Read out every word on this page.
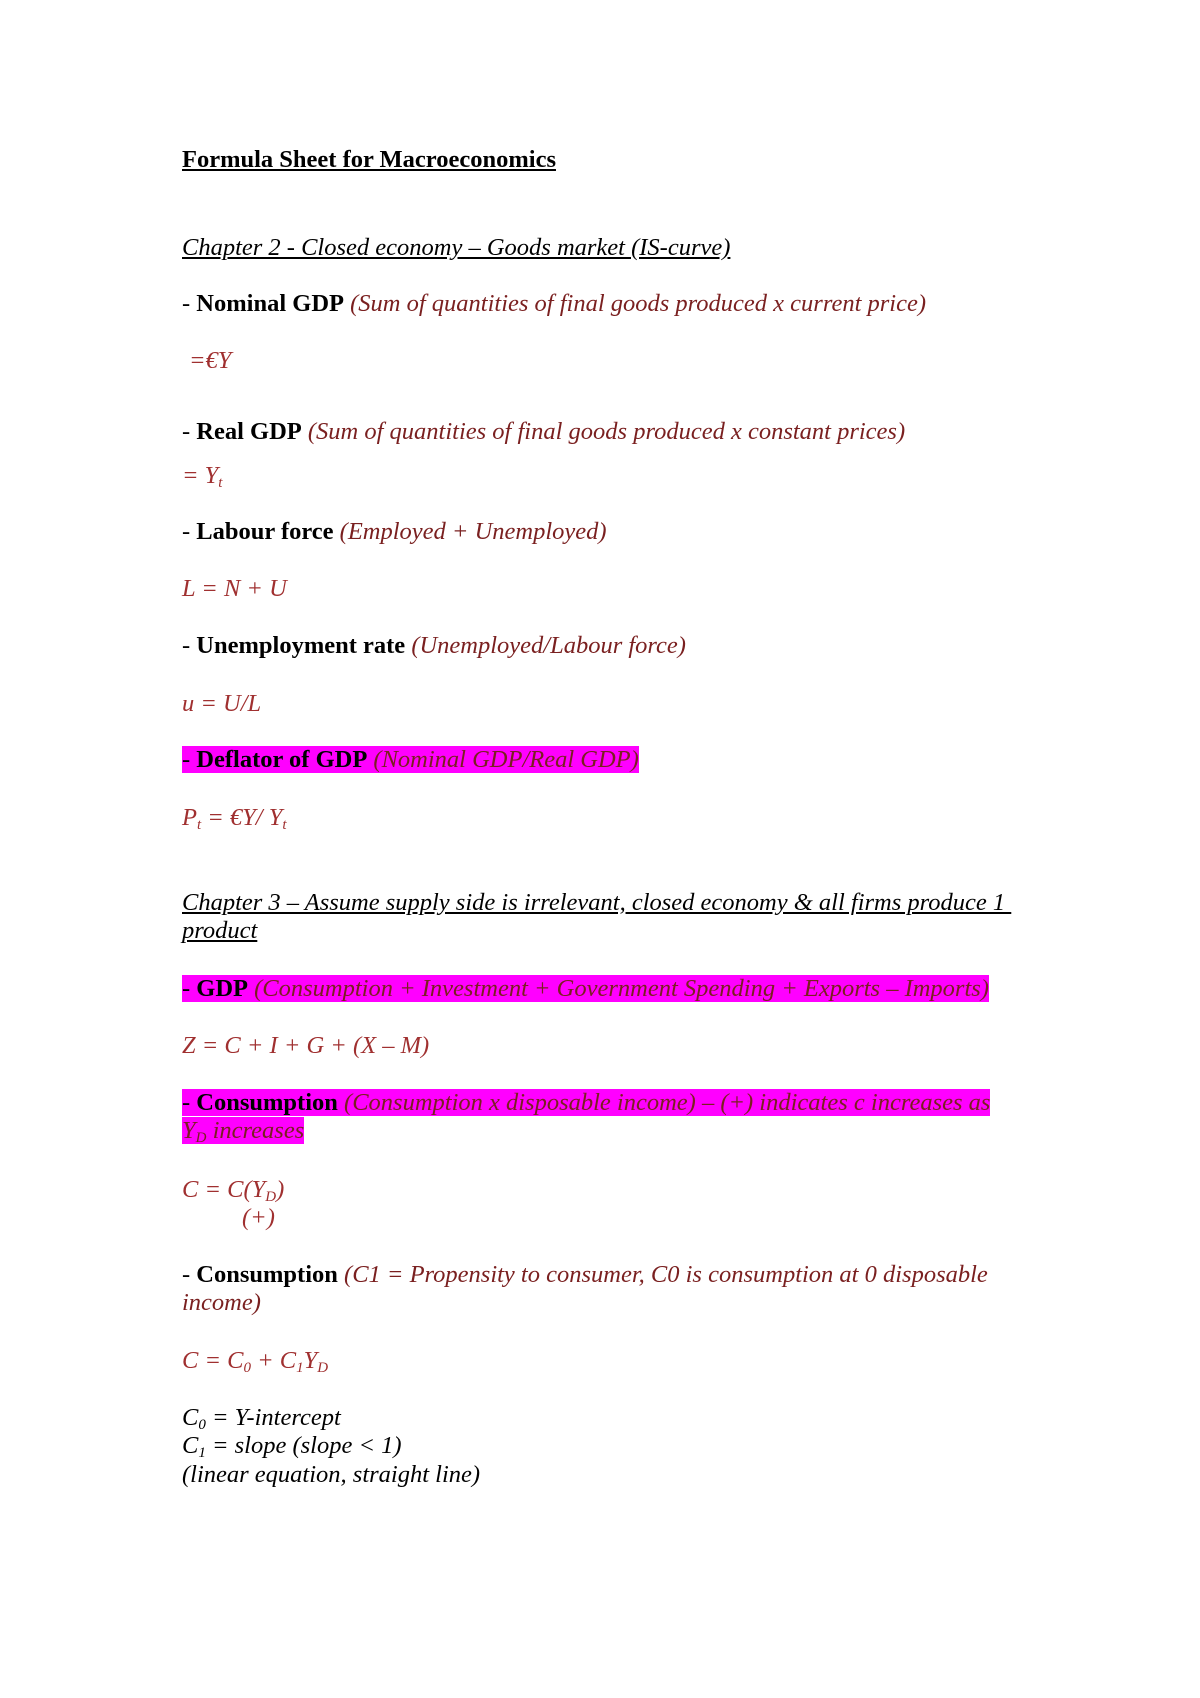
Formula Sheet for Macroeconomics
Chapter 2 - Closed economy – Goods market (IS-curve)
- Nominal GDP (Sum of quantities of final goods produced x current price)
=€Y
- Real GDP (Sum of quantities of final goods produced x constant prices)
= $Y_t$
- Labour force (Employed + Unemployed)
L = N + U
- Unemployment rate (Unemployed/Labour force)
u = U/L
- Deflator of GDP (Nominal GDP/Real GDP)
$P_t$ = €Y/ $Y_t$
Chapter 3 – Assume supply side is irrelevant, closed economy & all firms produce 1
product
- GDP (Consumption + Investment + Government Spending + Exports – Imports)
Z = C + I + G + (X – M)
- Consumption (Consumption x disposable income) – (+) indicates c increases as
$Y_D$ increases
$C = C(Y_D)$
(+)
- Consumption (C1 = Propensity to consumer, C0 is consumption at 0 disposable
income)
$C = C_0 + C_1Y_D$
$C_0$ = Y-intercept
$C_1$ = slope (slope < 1)
(linear equation, straight line)
